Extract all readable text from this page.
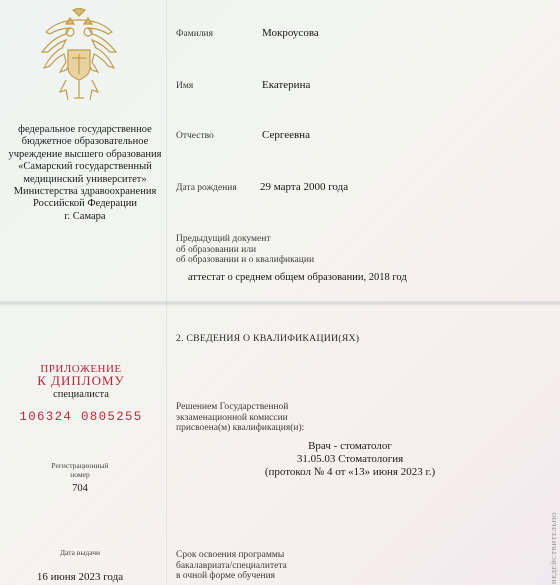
федеральное государственное
бюджетное образовательное
учреждение высшего образования
«Самарский государственный
медицинский университет»
Министерства здравоохранения
Российской Федерации
г. Самара
ПРИЛОЖЕНИЕ
К ДИПЛОМУ
специалиста
106324 0805255
Регистрационный
номер
704
Дата выдачи
16 июня 2023 года
Фамилия	Мокроусова
Имя	Екатерина
Отчество	Сергеевна
Дата рождения 29 марта 2000 года
Предыдущий документ
об образовании или
об образовании и о квалификации
аттестат о среднем общем образовании, 2018 год
2. СВЕДЕНИЯ О КВАЛИФИКАЦИИ(ЯХ)
Решением Государственной
экзаменационной комиссии
присвоена(м) квалификация(и):
Врач - стоматолог
31.05.03 Стоматология
(протокол № 4 от «13» июня 2023 г.)
Срок освоения программы
бакалавриата/специалитета
в очной форме обучения	НЕДЕЙСТВИТЕЛЬНО
